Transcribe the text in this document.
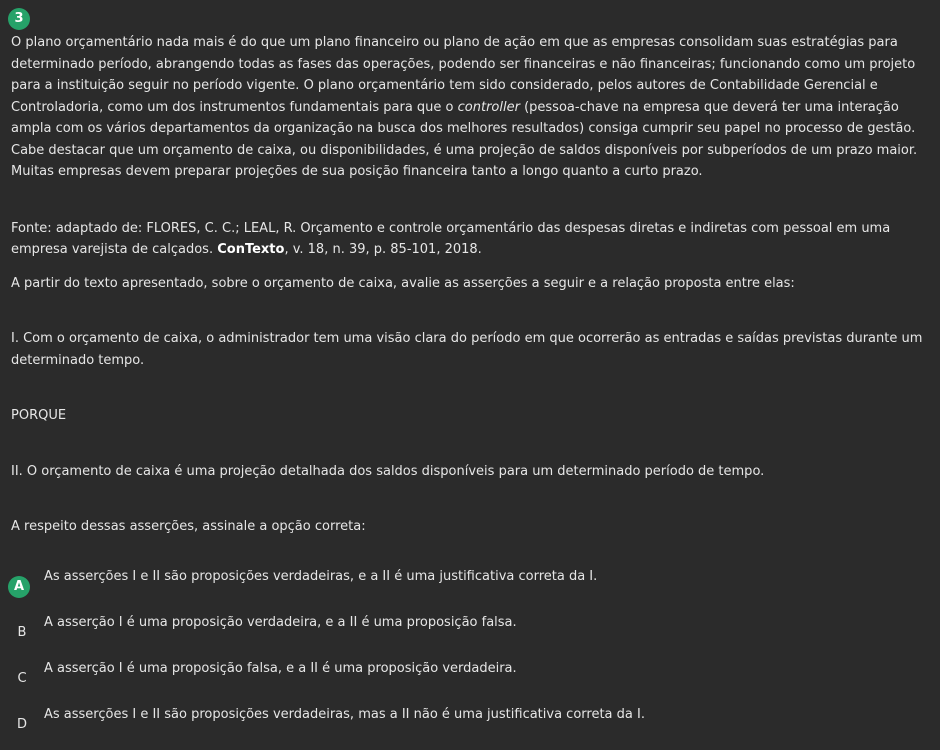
3

O plano orçamentário nada mais é do que um plano financeiro ou plano de ação em que as empresas consolidam suas estratégias para determinado período, abrangendo todas as fases das operações, podendo ser financeiras e não financeiras; funcionando como um projeto para a instituição seguir no período vigente. O plano orçamentário tem sido considerado, pelos autores de Contabilidade Gerencial e Controladoria, como um dos instrumentos fundamentais para que o controller (pessoa-chave na empresa que deverá ter uma interação ampla com os vários departamentos da organização na busca dos melhores resultados) consiga cumprir seu papel no processo de gestão. Cabe destacar que um orçamento de caixa, ou disponibilidades, é uma projeção de saldos disponíveis por subperíodos de um prazo maior. Muitas empresas devem preparar projeções de sua posição financeira tanto a longo quanto a curto prazo.

Fonte: adaptado de: FLORES, C. C.; LEAL, R. Orçamento e controle orçamentário das despesas diretas e indiretas com pessoal em uma empresa varejista de calçados. ConTexto, v. 18, n. 39, p. 85-101, 2018.

A partir do texto apresentado, sobre o orçamento de caixa, avalie as asserções a seguir e a relação proposta entre elas:

I. Com o orçamento de caixa, o administrador tem uma visão clara do período em que ocorrerão as entradas e saídas previstas durante um determinado tempo.

PORQUE

II. O orçamento de caixa é uma projeção detalhada dos saldos disponíveis para um determinado período de tempo.

A respeito dessas asserções, assinale a opção correta:

A
As asserções I e II são proposições verdadeiras, e a II é uma justificativa correta da I.
B
A asserção I é uma proposição verdadeira, e a II é uma proposição falsa.
C
A asserção I é uma proposição falsa, e a II é uma proposição verdadeira.
D
As asserções I e II são proposições verdadeiras, mas a II não é uma justificativa correta da I.
